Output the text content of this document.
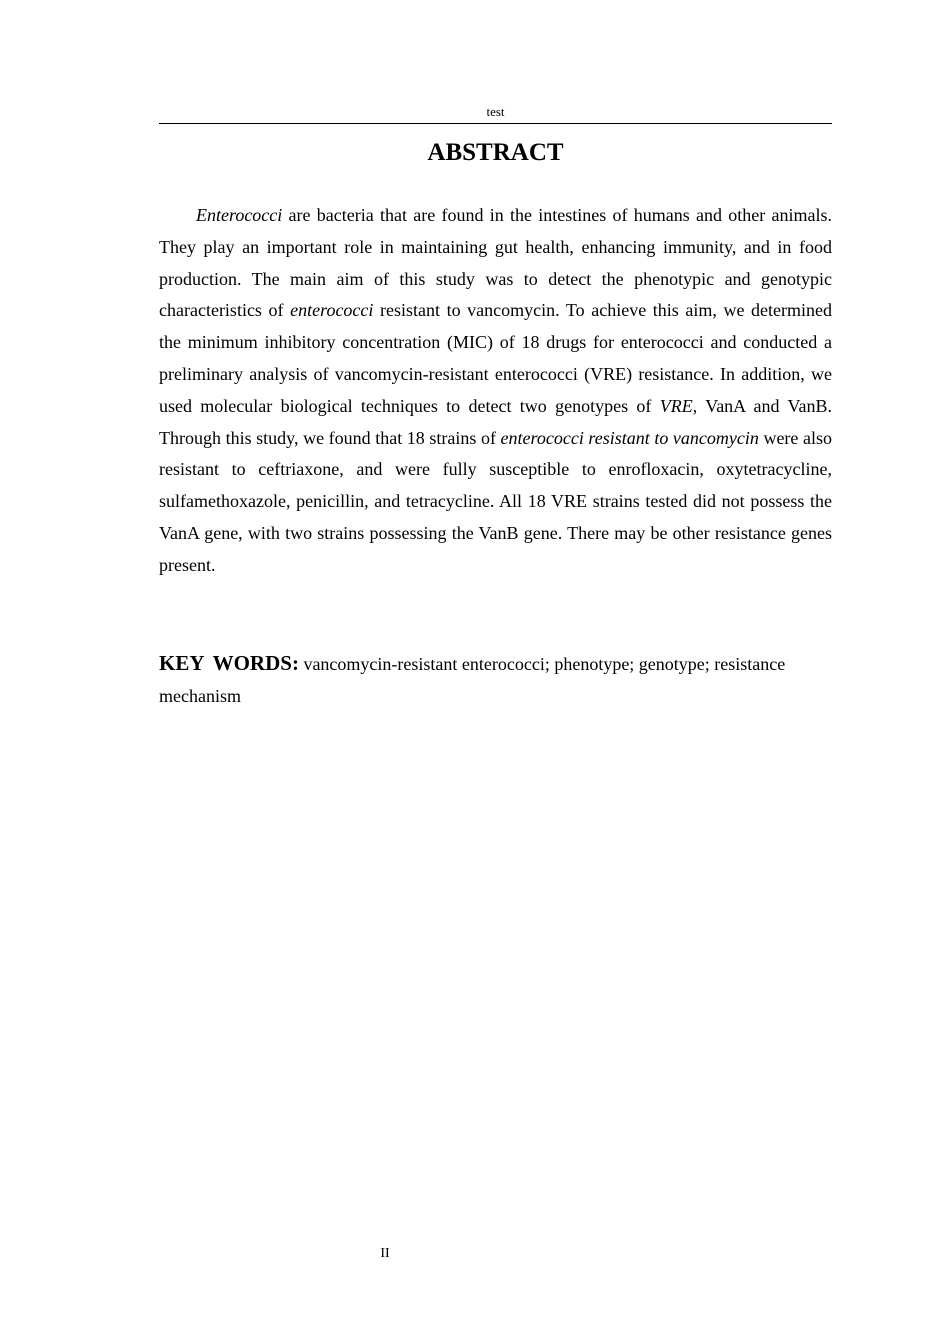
test
ABSTRACT

Enterococci are bacteria that are found in the intestines of humans and other animals. They play an important role in maintaining gut health, enhancing immunity, and in food production. The main aim of this study was to detect the phenotypic and genotypic characteristics of enterococci resistant to vancomycin. To achieve this aim, we determined the minimum inhibitory concentration (MIC) of 18 drugs for enterococci and conducted a preliminary analysis of vancomycin-resistant enterococci (VRE) resistance. In addition, we used molecular biological techniques to detect two genotypes of VRE, VanA and VanB. Through this study, we found that 18 strains of enterococci resistant to vancomycin were also resistant to ceftriaxone, and were fully susceptible to enrofloxacin, oxytetracycline, sulfamethoxazole, penicillin, and tetracycline. All 18 VRE strains tested did not possess the VanA gene, with two strains possessing the VanB gene. There may be other resistance genes present.

KEY WORDS: vancomycin-resistant enterococci; phenotype; genotype; resistance mechanism

II
